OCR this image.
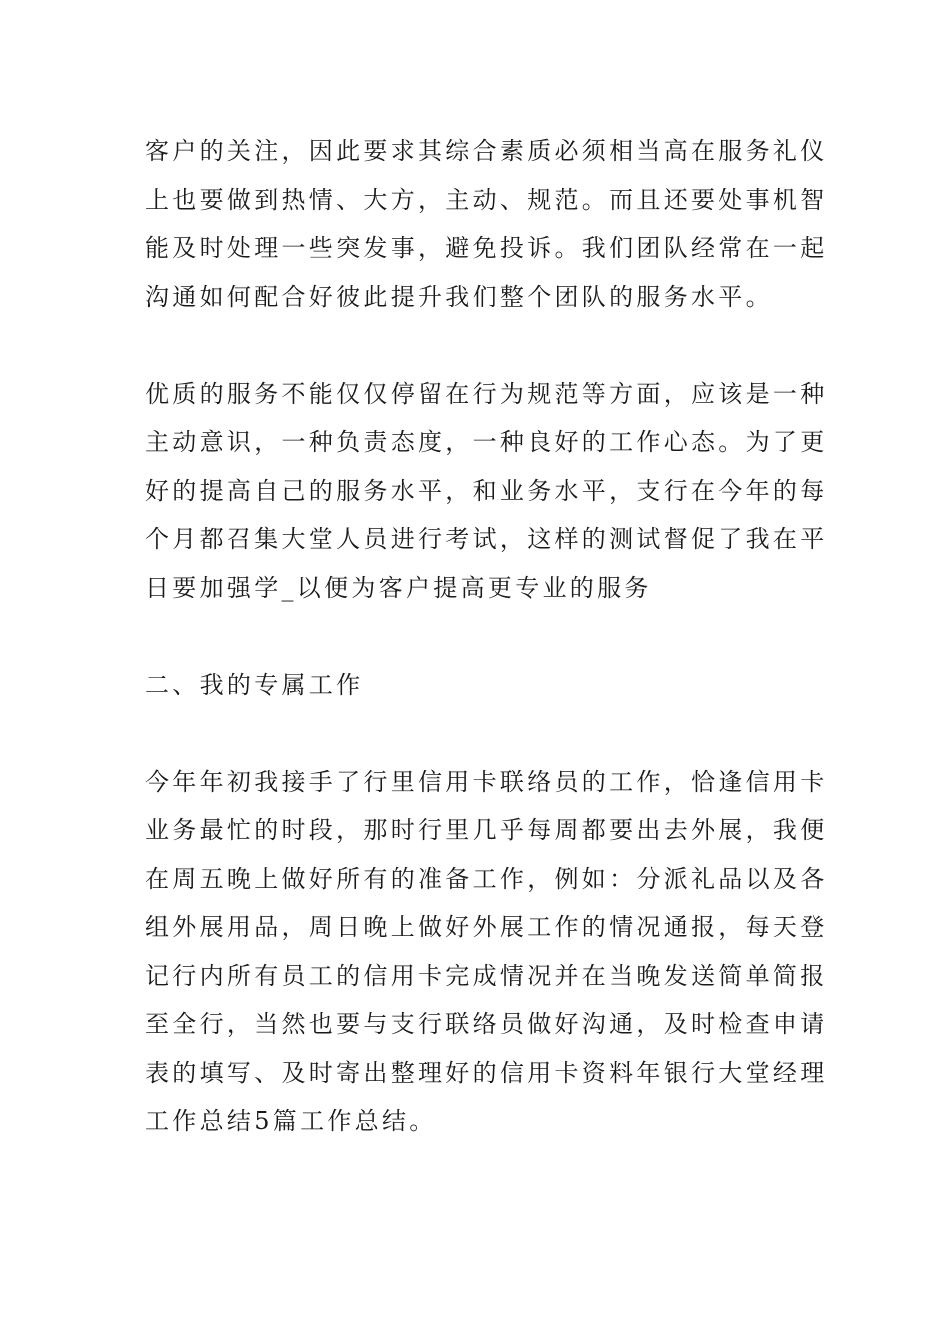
客户的关注，因此要求其综合素质必须相当高在服务礼仪
上也要做到热情、大方，主动、规范。而且还要处事机智
能及时处理一些突发事，避免投诉。我们团队经常在一起
沟通如何配合好彼此提升我们整个团队的服务水平。
优质的服务不能仅仅停留在行为规范等方面，应该是一种
主动意识，一种负责态度，一种良好的工作心态。为了更
好的提高自己的服务水平，和业务水平，支行在今年的每
个月都召集大堂人员进行考试，这样的测试督促了我在平
日要加强学_以便为客户提高更专业的服务
二、我的专属工作
今年年初我接手了行里信用卡联络员的工作，恰逢信用卡
业务最忙的时段，那时行里几乎每周都要出去外展，我便
在周五晚上做好所有的准备工作，例如：分派礼品以及各
组外展用品，周日晚上做好外展工作的情况通报，每天登
记行内所有员工的信用卡完成情况并在当晚发送简单简报
至全行，当然也要与支行联络员做好沟通，及时检查申请
表的填写、及时寄出整理好的信用卡资料年银行大堂经理
工作总结5篇工作总结。
